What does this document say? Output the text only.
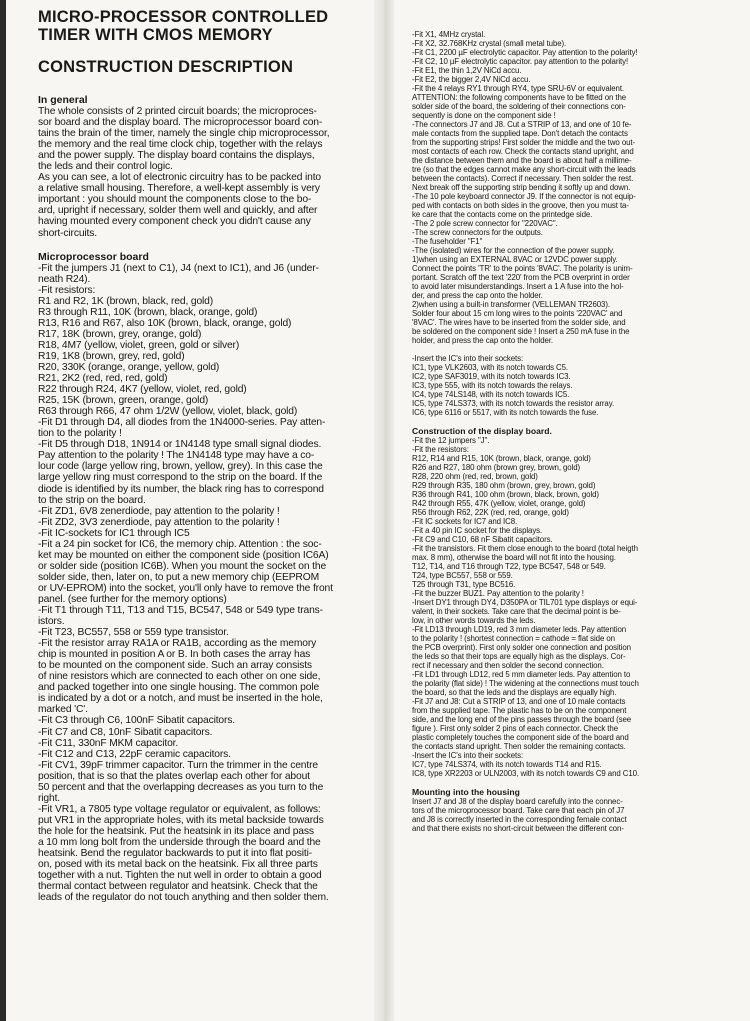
MICRO-PROCESSOR CONTROLLED TIMER WITH CMOS MEMORY
CONSTRUCTION DESCRIPTION
In general

The whole consists of 2 printed circuit boards; the microproces-

sor board and the display board. The microprocessor board con-

tains the brain of the timer, namely the single chip microprocessor,

the memory and the real time clock chip, together with the relays

and the power supply. The display board contains the displays,

the leds and their control logic.

As you can see, a lot of electronic circuitry has to be packed into

a relative small housing. Therefore, a well-kept assembly is very

important : you should mount the components close to the bo-

ard, upright if necessary, solder them well and quickly, and after

having mounted every component check you didn't cause any

short-circuits.

Microprocessor board

-Fit the jumpers J1 (next to C1), J4 (next to IC1), and J6 (under-

neath R24).

-Fit resistors:

R1 and R2, 1K (brown, black, red, gold)

R3 through R11, 10K (brown, black, orange, gold)

R13, R16 and R67, also 10K (brown, black, orange, gold)

R17, 18K (brown, grey, orange, gold)

R18, 4M7 (yellow, violet, green, gold or silver)

R19, 1K8 (brown, grey, red, gold)

R20, 330K (orange, orange, yellow, gold)

R21, 2K2 (red, red, red, gold)

R22 through R24, 4K7 (yellow, violet, red, gold)

R25, 15K (brown, green, orange, gold)

R63 through R66, 47 ohm 1/2W (yellow, violet, black, gold)

-Fit D1 through D4, all diodes from the 1N4000-series. Pay atten-

tion to the polarity !

-Fit D5 through D18, 1N914 or 1N4148 type small signal diodes.

Pay attention to the polarity ! The 1N4148 type may have a co-

lour code (large yellow ring, brown, yellow, grey). In this case the

large yellow ring must correspond to the strip on the board. If the

diode is identified by its number, the black ring has to correspond

to the strip on the board.

-Fit ZD1, 6V8 zenerdiode, pay attention to the polarity !

-Fit ZD2, 3V3 zenerdiode, pay attention to the polarity !

-Fit IC-sockets for IC1 through IC5

-Fit a 24 pin socket for IC6, the memory chip. Attention : the soc-

ket may be mounted on either the component side (position IC6A)

or solder side (position IC6B). When you mount the socket on the

solder side, then, later on, to put a new memory chip (EEPROM

or UV-EPROM) into the socket, you'll only have to remove the front

panel. (see further for the memory options)

-Fit T1 through T11, T13 and T15, BC547, 548 or 549 type trans-

istors.

-Fit T23, BC557, 558 or 559 type transistor.

-Fit the resistor array RA1A or RA1B, according as the memory

chip is mounted in position A or B. In both cases the array has

to be mounted on the component side. Such an array consists

of nine resistors which are connected to each other on one side,

and packed together into one single housing. The common pole

is indicated by a dot or a notch, and must be inserted in the hole,

marked 'C'.

-Fit C3 through C6, 100nF Sibatit capacitors.

-Fit C7 and C8, 10nF Sibatit capacitors.

-Fit C11, 330nF MKM capacitor.

-Fit C12 and C13, 22pF ceramic capacitors.

-Fit CV1, 39pF trimmer capacitor. Turn the trimmer in the centre

position, that is so that the plates overlap each other for about

50 percent and that the overlapping decreases as you turn to the

right.

-Fit VR1, a 7805 type voltage regulator or equivalent, as follows:

put VR1 in the appropriate holes, with its metal backside towards

the hole for the heatsink. Put the heatsink in its place and pass

a 10 mm long bolt from the underside through the board and the

heatsink. Bend the regulator backwards to put it into flat positi-

on, posed with its metal back on the heatsink. Fix all three parts

together with a nut. Tighten the nut well in order to obtain a good

thermal contact between regulator and heatsink. Check that the

leads of the regulator do not touch anything and then solder them.

-Fit X1, 4MHz crystal.

-Fit X2, 32.768KHz crystal (small metal tube).

-Fit C1, 2200 µF electrolytic capacitor. Pay attention to the polarity!

-Fit C2, 10 µF electrolytic capacitor. pay attention to the polarity!

-Fit E1, the thin 1,2V NiCd accu.

-Fit E2, the bigger 2,4V NiCd accu.

-Fit the 4 relays RY1 through RY4, type SRU-6V or equivalent.

ATTENTION: the following components have to be fitted on the

solder side of the board, the soldering of their connections con-

sequently is done on the component side !

-The connectors J7 and J8. Cut a STRIP of 13, and one of 10 fe-

male contacts from the supplied tape. Don't detach the contacts

from the supporting strips! First solder the middle and the two out-

most contacts of each row. Check the contacts stand upright, and

the distance between them and the board is about half a millime-

tre (so that the edges cannot make any short-circuit with the leads

between the contacts). Correct if necessary. Then solder the rest.

Next break off the supporting strip bending it softly up and down.

-The 10 pole keyboard connector J9. If the connector is not equip-

ped with contacts on both sides in the groove, then you must ta-

ke care that the contacts come on the printedge side.

-The 2 pole screw connector for "220VAC".

-The screw connectors for the outputs.

-The fuseholder "F1"

-The (isolated) wires for the connection of the power supply.

1)when using an EXTERNAL 8VAC or 12VDC power supply.

Connect the points 'TR' to the points '8VAC'. The polarity is unim-

portant. Scratch off the text '220' from the PCB overprint in order

to avoid later misunderstandings. Insert a 1 A fuse into the hol-

der, and press the cap onto the holder.

2)when using a built-in transformer (VELLEMAN TR2603).

Solder four about 15 cm long wires to the points '220VAC' and

'8VAC'. The wires have to be inserted from the solder side, and

be soldered on the component side ! Insert a 250 mA fuse in the

holder, and press the cap onto the holder.

-Insert the IC's into their sockets:

IC1, type VLK2603, with its notch towards C5.

IC2, type SAF3019, with its notch towards IC3.

IC3, type 555, with its notch towards the relays.

IC4, type 74LS148, with its notch towards IC5.

IC5, type 74LS373, with its notch towards the resistor array.

IC6, type 6116 or 5517, with its notch towards the fuse.

Construction of the display board.

-Fit the 12 jumpers "J".

-Fit the resistors:

R12, R14 and R15, 10K (brown, black, orange, gold)

R26 and R27, 180 ohm (brown grey, brown, gold)

R28, 220 ohm (red, red, brown, gold)

R29 through R35, 180 ohm (brown, grey, brown, gold)

R36 through R41, 100 ohm (brown, black, brown, gold)

R42 through R55, 47K (yellow, violet, orange, gold)

R56 through R62, 22K (red, red, orange, gold)

-Fit IC sockets for IC7 and IC8.

-Fit a 40 pin IC socket for the displays.

-Fit C9 and C10, 68 nF Sibatit capacitors.

-Fit the transistors. Fit them close enough to the board (total heigth

max. 8 mm), otherwise the board will not fit into the housing.

T12, T14, and T16 through T22, type BC547, 548 or 549.

T24, type BC557, 558 or 559.

T25 through T31, type BC516.

-Fit the buzzer BUZ1. Pay attention to the polarity !

-Insert DY1 through DY4, D350PA or TIL701 type displays or equi-

valent, in their sockets. Take care that the decimal point is be-

low, in other words towards the leds.

-Fit LD13 through LD19, red 3 mm diameter leds. Pay attention

to the polarity ! (shortest connection = cathode = flat side on

the PCB overprint). First only solder one connection and position

the leds so that their tops are equally high as the displays. Cor-

rect if necessary and then solder the second connection.

-Fit LD1 through LD12, red 5 mm diameter leds. Pay attention to

the polarity (flat side) ! The widening at the connections must touch

the board, so that the leds and the displays are equally high.

-Fit J7 and J8: Cut a STRIP of 13, and one of 10 male contacts

from the supplied tape. The plastic has to be on the component

side, and the long end of the pins passes through the board (see

figure ). First only solder 2 pins of each connector. Check the

plastic completely touches the component side of the board and

the contacts stand upright. Then solder the remaining contacts.

-Insert the IC's into their sockets:

IC7, type 74LS374, with its notch towards T14 and R15.

IC8, type XR2203 or ULN2003, with its notch towards C9 and C10.

Mounting into the housing

Insert J7 and J8 of the display board carefully into the connec-

tors of the microprocessor board. Take care that each pin of J7

and J8 is correctly inserted in the corresponding female contact

and that there exists no short-circuit between the different con-
